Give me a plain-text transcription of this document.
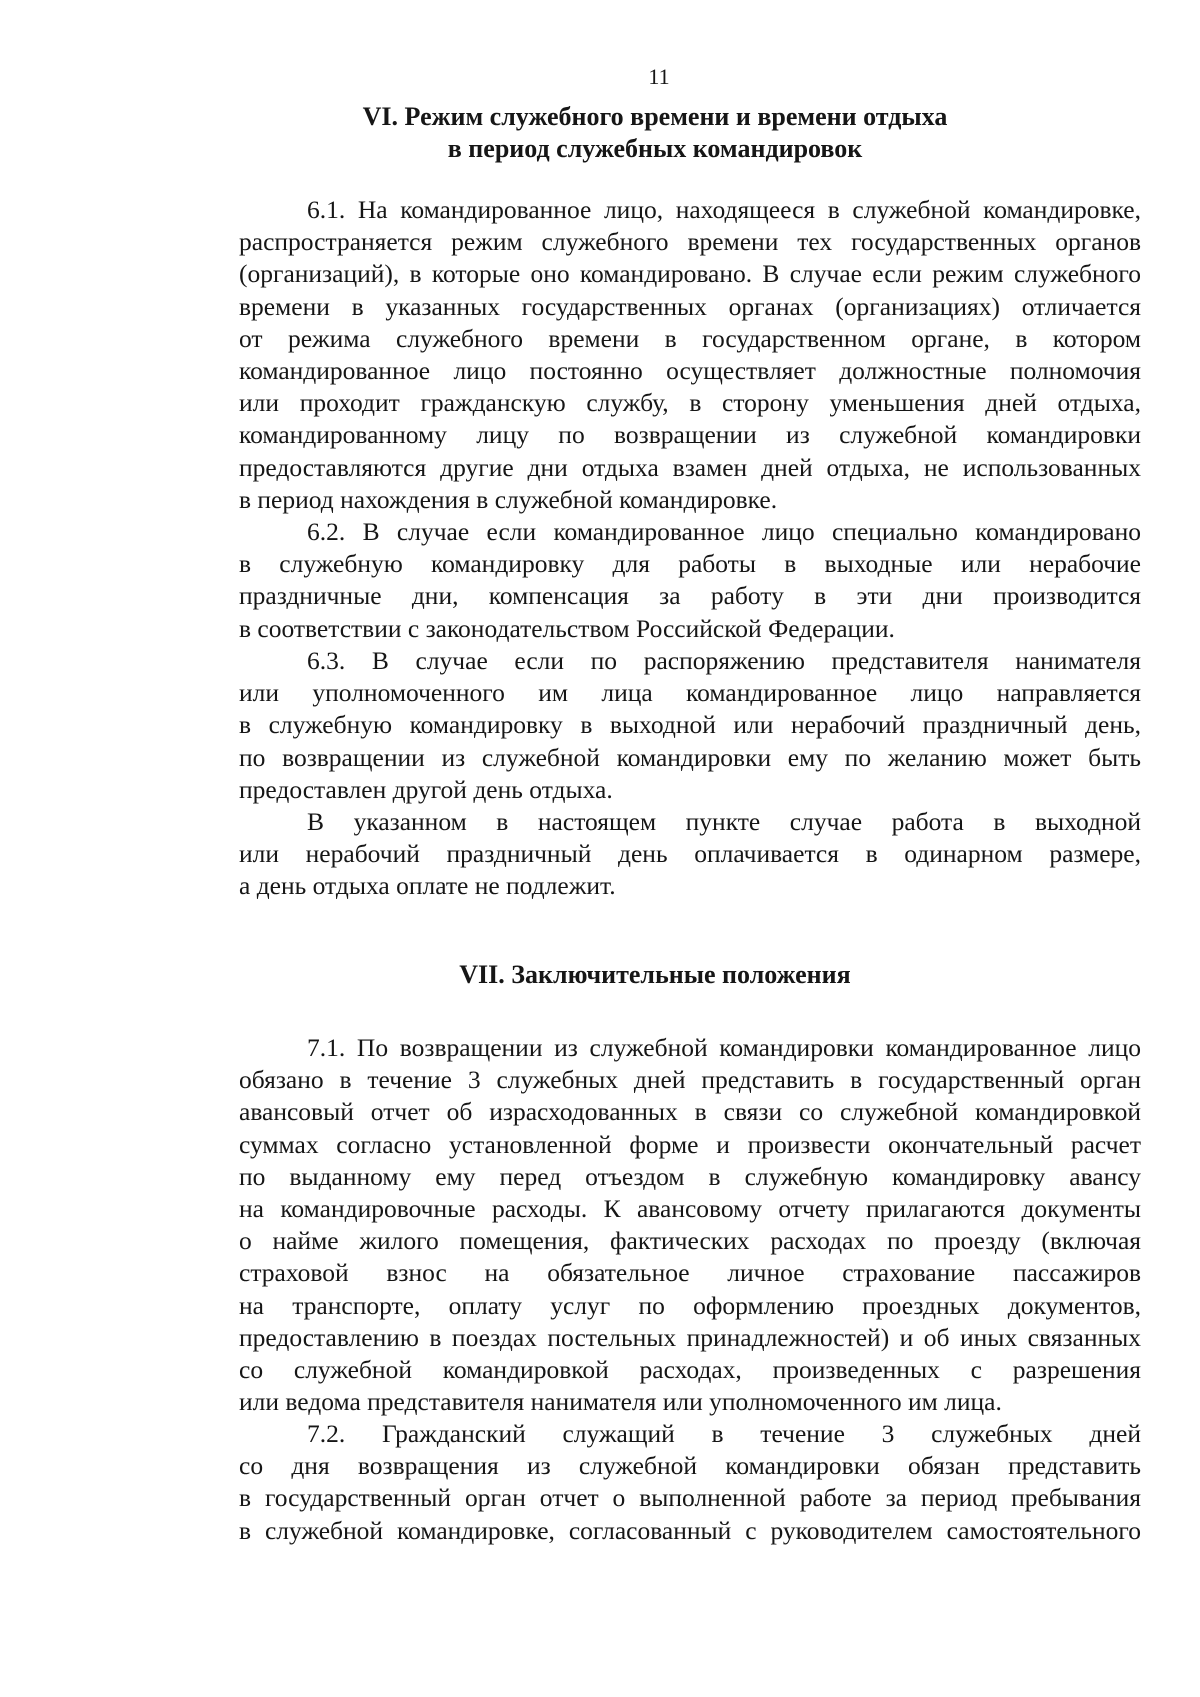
11
VI. Режим служебного времени и времени отдыха
в период служебных командировок
6.1. На командированное лицо, находящееся в служебной командировке,
распространяется режим служебного времени тех государственных органов
(организаций), в которые оно командировано. В случае если режим служебного
времени в указанных государственных органах (организациях) отличается
от режима служебного времени в государственном органе, в котором
командированное лицо постоянно осуществляет должностные полномочия
или проходит гражданскую службу, в сторону уменьшения дней отдыха,
командированному лицу по возвращении из служебной командировки
предоставляются другие дни отдыха взамен дней отдыха, не использованных
в период нахождения в служебной командировке.
6.2. В случае если командированное лицо специально командировано
в служебную командировку для работы в выходные или нерабочие
праздничные дни, компенсация за работу в эти дни производится
в соответствии с законодательством Российской Федерации.
6.3. В случае если по распоряжению представителя нанимателя
или уполномоченного им лица командированное лицо направляется
в служебную командировку в выходной или нерабочий праздничный день,
по возвращении из служебной командировки ему по желанию может быть
предоставлен другой день отдыха.
В указанном в настоящем пункте случае работа в выходной
или нерабочий праздничный день оплачивается в одинарном размере,
а день отдыха оплате не подлежит.
VII. Заключительные положения
7.1. По возвращении из служебной командировки командированное лицо
обязано в течение 3 служебных дней представить в государственный орган
авансовый отчет об израсходованных в связи со служебной командировкой
суммах согласно установленной форме и произвести окончательный расчет
по выданному ему перед отъездом в служебную командировку авансу
на командировочные расходы. К авансовому отчету прилагаются документы
о найме жилого помещения, фактических расходах по проезду (включая
страховой взнос на обязательное личное страхование пассажиров
на транспорте, оплату услуг по оформлению проездных документов,
предоставлению в поездах постельных принадлежностей) и об иных связанных
со служебной командировкой расходах, произведенных с разрешения
или ведома представителя нанимателя или уполномоченного им лица.
7.2. Гражданский служащий в течение 3 служебных дней
со дня возвращения из служебной командировки обязан представить
в государственный орган отчет о выполненной работе за период пребывания
в служебной командировке, согласованный с руководителем самостоятельного
